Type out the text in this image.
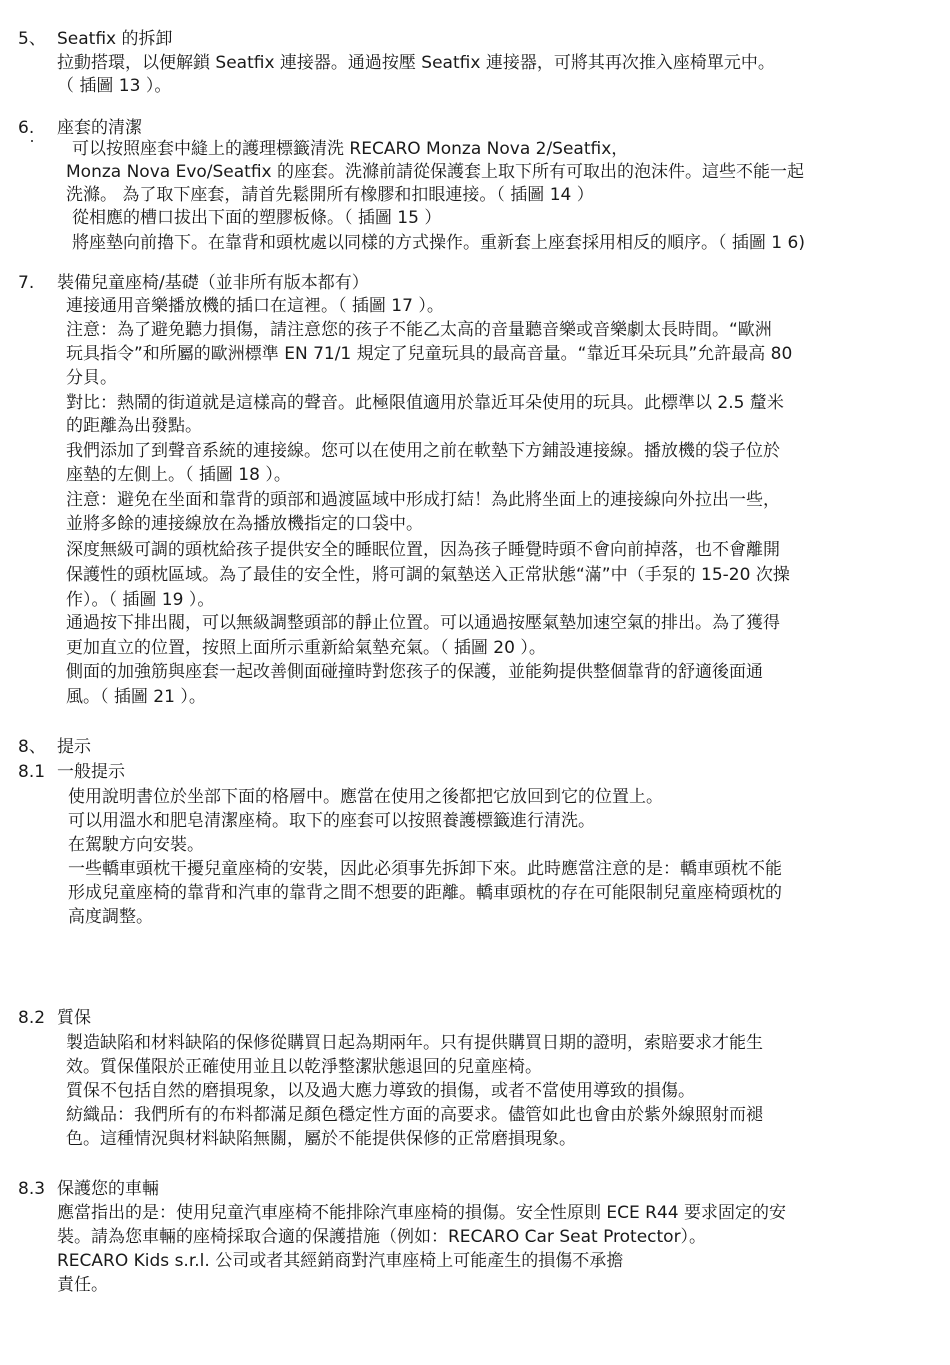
5、 Seatfix 的拆卸
拉動搭環，以便解鎖 Seatfix 連接器。通過按壓 Seatfix 連接器，可將其再次推入座椅單元中。
（ 插圖 13 ）。
6. 座套的清潔
可以按照座套中縫上的護理標籤清洗 RECARO Monza Nova 2/Seatfix，
Monza Nova Evo/Seatfix 的座套。洗滌前請從保護套上取下所有可取出的泡沫件。這些不能一起
洗滌。 為了取下座套，請首先鬆開所有橡膠和扣眼連接。（ 插圖 14 ）
從相應的槽口拔出下面的塑膠板條。（ 插圖 15 ）
將座墊向前擼下。在靠背和頭枕處以同樣的方式操作。重新套上座套採用相反的順序。（ 插圖 1 6)
7. 裝備兒童座椅/基礎（並非所有版本都有）
連接通用音樂播放機的插口在這裡。（ 插圖 17 ）。
注意：為了避免聽力損傷，請注意您的孩子不能乙太高的音量聽音樂或音樂劇太長時間。“歐洲
玩具指令”和所屬的歐洲標準 EN 71/1 規定了兒童玩具的最高音量。“靠近耳朵玩具”允許最高 80
分貝。
對比：熱鬧的街道就是這樣高的聲音。此極限值適用於靠近耳朵使用的玩具。此標準以 2.5 釐米
的距離為出發點。
我們添加了到聲音系統的連接線。您可以在使用之前在軟墊下方鋪設連接線。播放機的袋子位於
座墊的左側上。（ 插圖 18 ）。
注意：避免在坐面和靠背的頭部和過渡區域中形成打結！為此將坐面上的連接線向外拉出一些，
並將多餘的連接線放在為播放機指定的口袋中。
深度無級可調的頭枕給孩子提供安全的睡眠位置，因為孩子睡覺時頭不會向前掉落，也不會離開
保護性的頭枕區域。為了最佳的安全性，將可調的氣墊送入正常狀態“滿”中（手泵的 15-20 次操
作）。（ 插圖 19 ）。
通過按下排出閥，可以無級調整頭部的靜止位置。可以通過按壓氣墊加速空氣的排出。為了獲得
更加直立的位置，按照上面所示重新給氣墊充氣。（ 插圖 20 ）。
側面的加強筋與座套一起改善側面碰撞時對您孩子的保護，並能夠提供整個靠背的舒適後面通
風。（ 插圖 21 ）。
8、 提示
8.1 一般提示
使用說明書位於坐部下面的格層中。應當在使用之後都把它放回到它的位置上。
可以用溫水和肥皂清潔座椅。取下的座套可以按照養護標籤進行清洗。
在駕駛方向安裝。
一些轎車頭枕干擾兒童座椅的安裝，因此必須事先拆卸下來。此時應當注意的是：轎車頭枕不能
形成兒童座椅的靠背和汽車的靠背之間不想要的距離。轎車頭枕的存在可能限制兒童座椅頭枕的
高度調整。
8.2 質保
製造缺陷和材料缺陷的保修從購買日起為期兩年。只有提供購買日期的證明，索賠要求才能生
效。質保僅限於正確使用並且以乾淨整潔狀態退回的兒童座椅。
質保不包括自然的磨損現象，以及過大應力導致的損傷，或者不當使用導致的損傷。
紡織品：我們所有的布料都滿足顏色穩定性方面的高要求。儘管如此也會由於紫外線照射而褪
色。這種情況與材料缺陷無關，屬於不能提供保修的正常磨損現象。
8.3 保護您的車輛
應當指出的是：使用兒童汽車座椅不能排除汽車座椅的損傷。安全性原則 ECE R44 要求固定的安
裝。請為您車輛的座椅採取合適的保護措施（例如：RECARO Car Seat Protector）。
RECARO Kids s.r.l. 公司或者其經銷商對汽車座椅上可能產生的損傷不承擔
責任。
